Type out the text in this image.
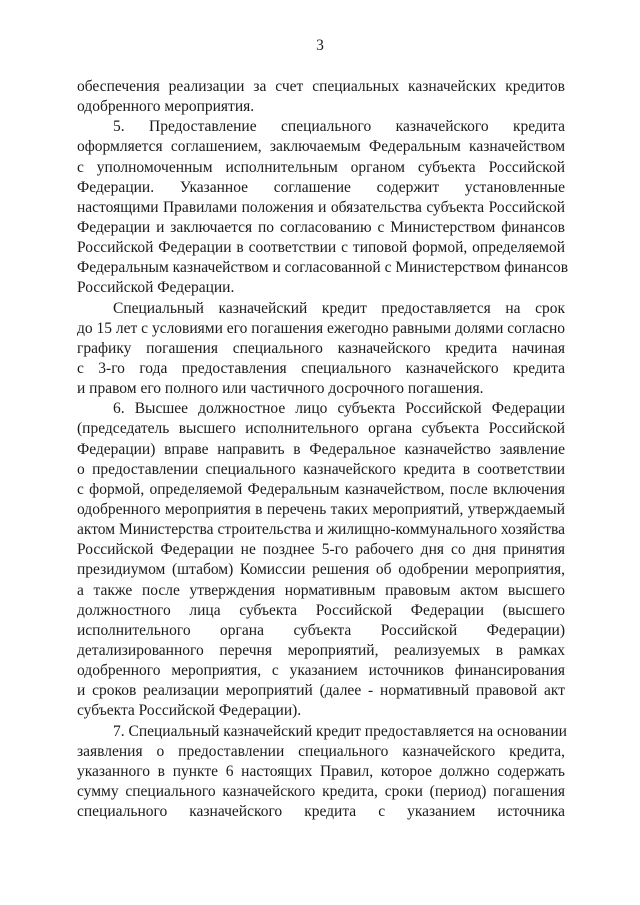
3
обеспечения реализации за счет специальных казначейских кредитов
одобренного мероприятия.
5. Предоставление специального казначейского кредита
оформляется соглашением, заключаемым Федеральным казначейством
с уполномоченным исполнительным органом субъекта Российской
Федерации. Указанное соглашение содержит установленные
настоящими Правилами положения и обязательства субъекта Российской
Федерации и заключается по согласованию с Министерством финансов
Российской Федерации в соответствии с типовой формой, определяемой
Федеральным казначейством и согласованной с Министерством финансов
Российской Федерации.
Специальный казначейский кредит предоставляется на срок
до 15 лет с условиями его погашения ежегодно равными долями согласно
графику погашения специального казначейского кредита начиная
с 3-го года предоставления специального казначейского кредита
и правом его полного или частичного досрочного погашения.
6. Высшее должностное лицо субъекта Российской Федерации
(председатель высшего исполнительного органа субъекта Российской
Федерации) вправе направить в Федеральное казначейство заявление
о предоставлении специального казначейского кредита в соответствии
с формой, определяемой Федеральным казначейством, после включения
одобренного мероприятия в перечень таких мероприятий, утверждаемый
актом Министерства строительства и жилищно-коммунального хозяйства
Российской Федерации не позднее 5-го рабочего дня со дня принятия
президиумом (штабом) Комиссии решения об одобрении мероприятия,
а также после утверждения нормативным правовым актом высшего
должностного лица субъекта Российской Федерации (высшего
исполнительного органа субъекта Российской Федерации)
детализированного перечня мероприятий, реализуемых в рамках
одобренного мероприятия, с указанием источников финансирования
и сроков реализации мероприятий (далее - нормативный правовой акт
субъекта Российской Федерации).
7. Специальный казначейский кредит предоставляется на основании
заявления о предоставлении специального казначейского кредита,
указанного в пункте 6 настоящих Правил, которое должно содержать
сумму специального казначейского кредита, сроки (период) погашения
специального казначейского кредита с указанием источника
